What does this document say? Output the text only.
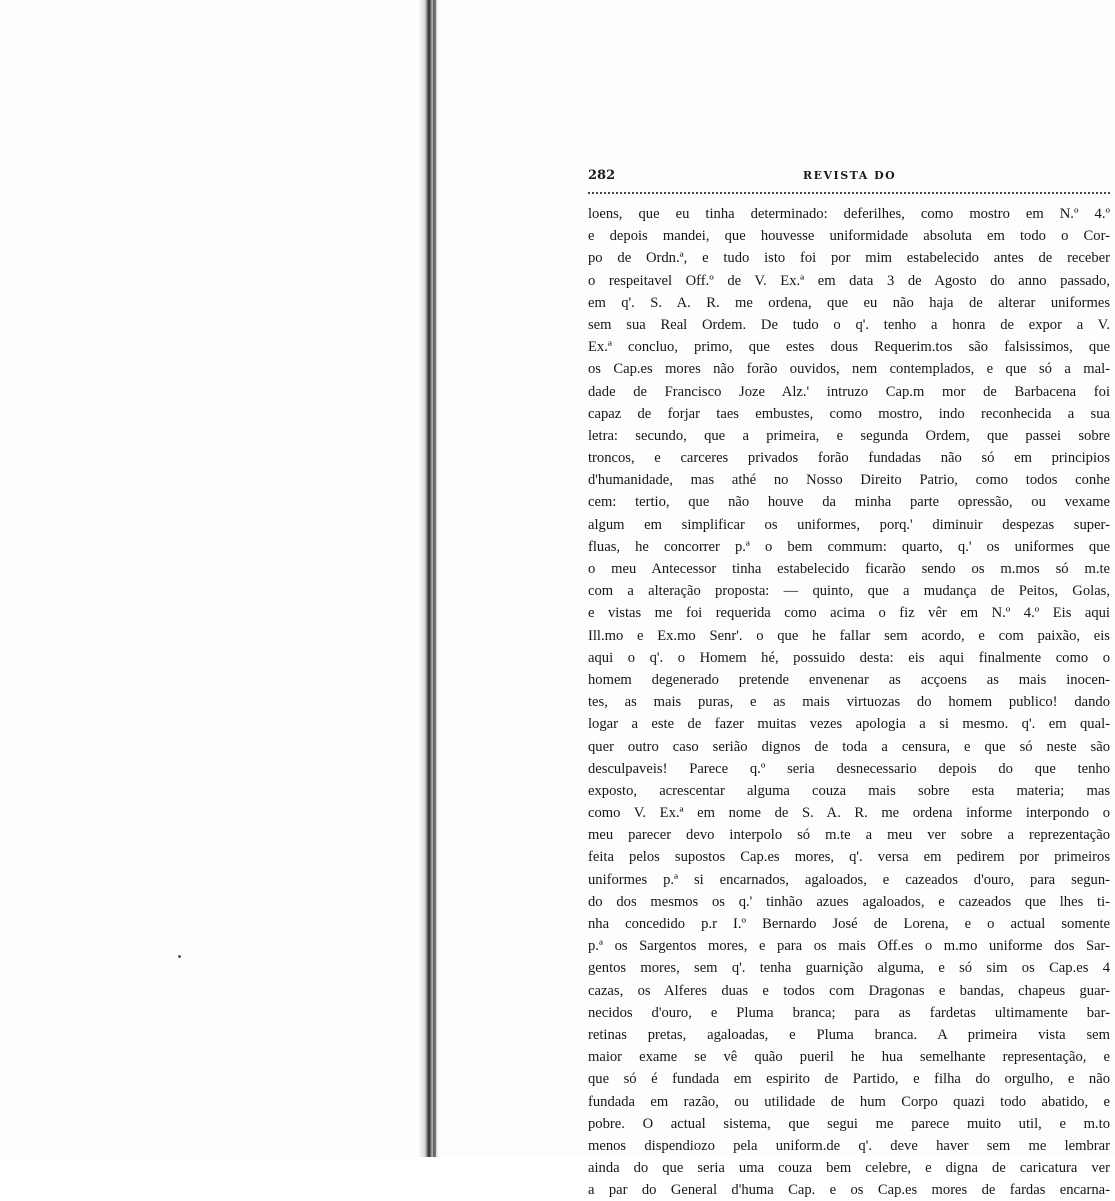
282	REVISTA DO
loens, que eu tinha determinado: deferilhes, como mostro em N.º 4.º
e depois mandei, que houvesse uniformidade absoluta em todo o Cor-
po de Ordn.ª, e tudo isto foi por mim estabelecido antes de receber
o respeitavel Off.º de V. Ex.ª em data 3 de Agosto do anno passado,
em q'. S. A. R. me ordena, que eu não haja de alterar uniformes
sem sua Real Ordem. De tudo o q'. tenho a honra de expor a V.
Ex.ª concluo, primo, que estes dous Requerim.tos são falsissimos, que
os Cap.es mores não forão ouvidos, nem contemplados, e que só a mal-
dade de Francisco Joze Alz.' intruzo Cap.m mor de Barbacena foi
capaz de forjar taes embustes, como mostro, indo reconhecida a sua
letra: secundo, que a primeira, e segunda Ordem, que passei sobre
troncos, e carceres privados forão fundadas não só em principios
d'humanidade, mas athé no Nosso Direito Patrio, como todos conhe
cem: tertio, que não houve da minha parte opressão, ou vexame
algum em simplificar os uniformes, porq.' diminuir despezas super-
fluas, he concorrer p.ª o bem commum: quarto, q.' os uniformes que
o meu Antecessor tinha estabelecido ficarão sendo os m.mos só m.te
com a alteração proposta: — quinto, que a mudança de Peitos, Golas,
e vistas me foi requerida como acima o fiz vêr em N.º 4.º Eis aqui
Ill.mo e Ex.mo Senr'. o que he fallar sem acordo, e com paixão, eis
aqui o q'. o Homem hé, possuido desta: eis aqui finalmente como o
homem degenerado pretende envenenar as acçoens as mais inocen-
tes, as mais puras, e as mais virtuozas do homem publico! dando
logar a este de fazer muitas vezes apologia a si mesmo. q'. em qual-
quer outro caso serião dignos de toda a censura, e que só neste são
desculpaveis! Parece q.º seria desnecessario depois do que tenho
exposto, acrescentar alguma couza mais sobre esta materia; mas
como V. Ex.ª em nome de S. A. R. me ordena informe interpondo o
meu parecer devo interpolo só m.te a meu ver sobre a reprezentação
feita pelos supostos Cap.es mores, q'. versa em pedirem por primeiros
uniformes p.ª si encarnados, agaloados, e cazeados d'ouro, para segun-
do dos mesmos os q.' tinhão azues agaloados, e cazeados que lhes ti-
nha concedido p.r I.º Bernardo José de Lorena, e o actual somente
p.ª os Sargentos mores, e para os mais Off.es o m.mo uniforme dos Sar-
gentos mores, sem q'. tenha guarnição alguma, e só sim os Cap.es 4
cazas, os Alferes duas e todos com Dragonas e bandas, chapeus guar-
necidos d'ouro, e Pluma branca; para as fardetas ultimamente bar-
retinas pretas, agaloadas, e Pluma branca. A primeira vista sem
maior exame se vê quão pueril he hua semelhante representação, e
que só é fundada em espirito de Partido, e filha do orgulho, e não
fundada em razão, ou utilidade de hum Corpo quazi todo abatido, e
pobre. O actual sistema, que segui me parece muito util, e m.to
menos dispendiozo pela uniform.de q'. deve haver sem me lembrar
ainda do que seria uma couza bem celebre, e digna de caricatura ver
a par do General d'huma Cap. e os Cap.es mores de fardas encarna-
